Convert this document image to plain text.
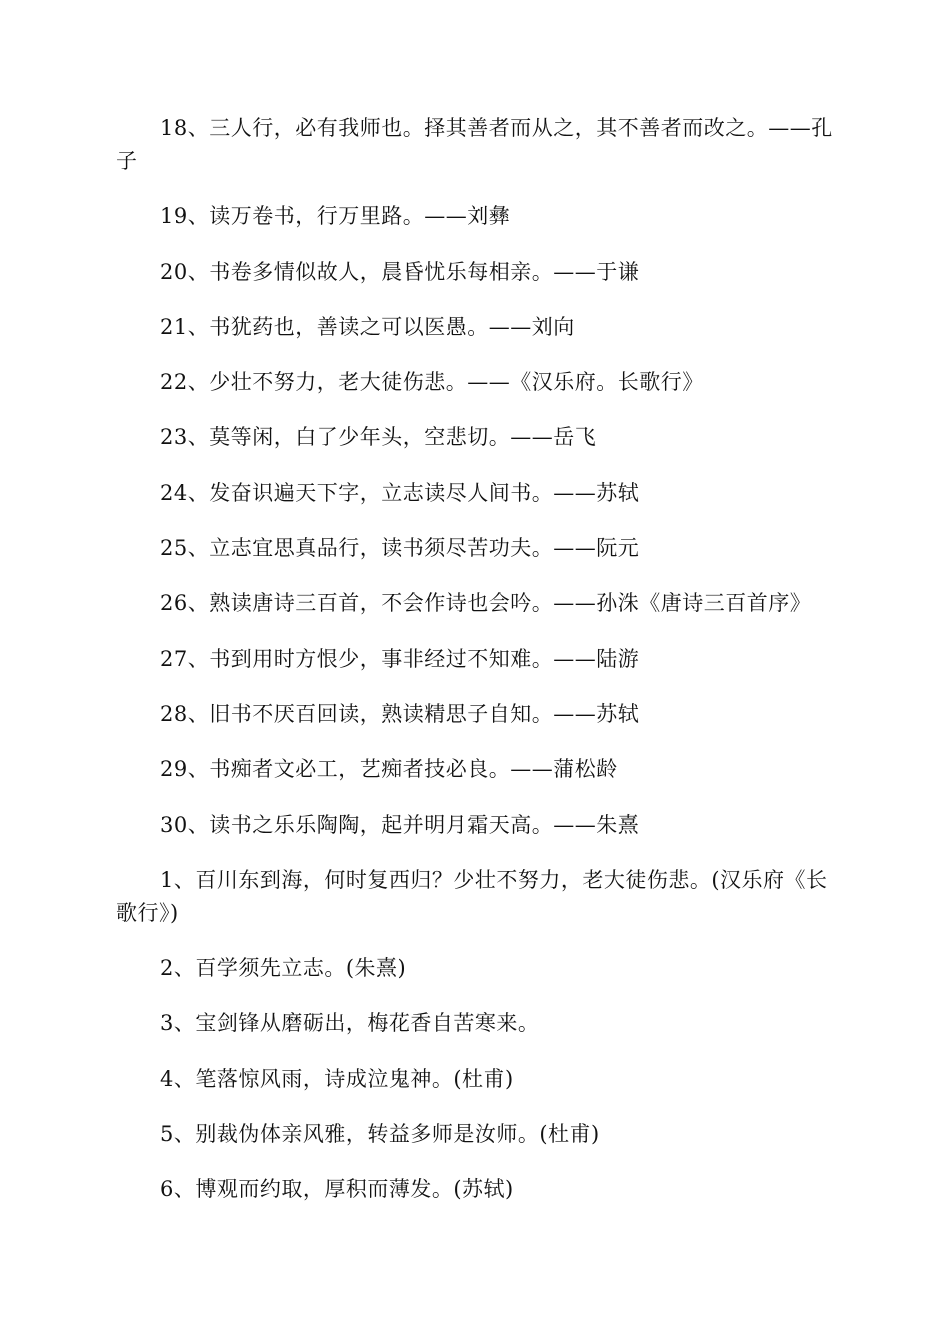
18、三人行，必有我师也。择其善者而从之，其不善者而改之。——孔子

19、读万卷书，行万里路。——刘彝

20、书卷多情似故人，晨昏忧乐每相亲。——于谦

21、书犹药也，善读之可以医愚。——刘向

22、少壮不努力，老大徒伤悲。——《汉乐府。长歌行》

23、莫等闲，白了少年头，空悲切。——岳飞

24、发奋识遍天下字，立志读尽人间书。——苏轼

25、立志宜思真品行，读书须尽苦功夫。——阮元

26、熟读唐诗三百首，不会作诗也会吟。——孙洙《唐诗三百首序》

27、书到用时方恨少，事非经过不知难。——陆游

28、旧书不厌百回读，熟读精思子自知。——苏轼

29、书痴者文必工，艺痴者技必良。——蒲松龄

30、读书之乐乐陶陶，起并明月霜天高。——朱熹

1、百川东到海，何时复西归？少壮不努力，老大徒伤悲。(汉乐府《长歌行》)

2、百学须先立志。(朱熹)

3、宝剑锋从磨砺出，梅花香自苦寒来。

4、笔落惊风雨，诗成泣鬼神。(杜甫)

5、别裁伪体亲风雅，转益多师是汝师。(杜甫)

6、博观而约取，厚积而薄发。(苏轼)
